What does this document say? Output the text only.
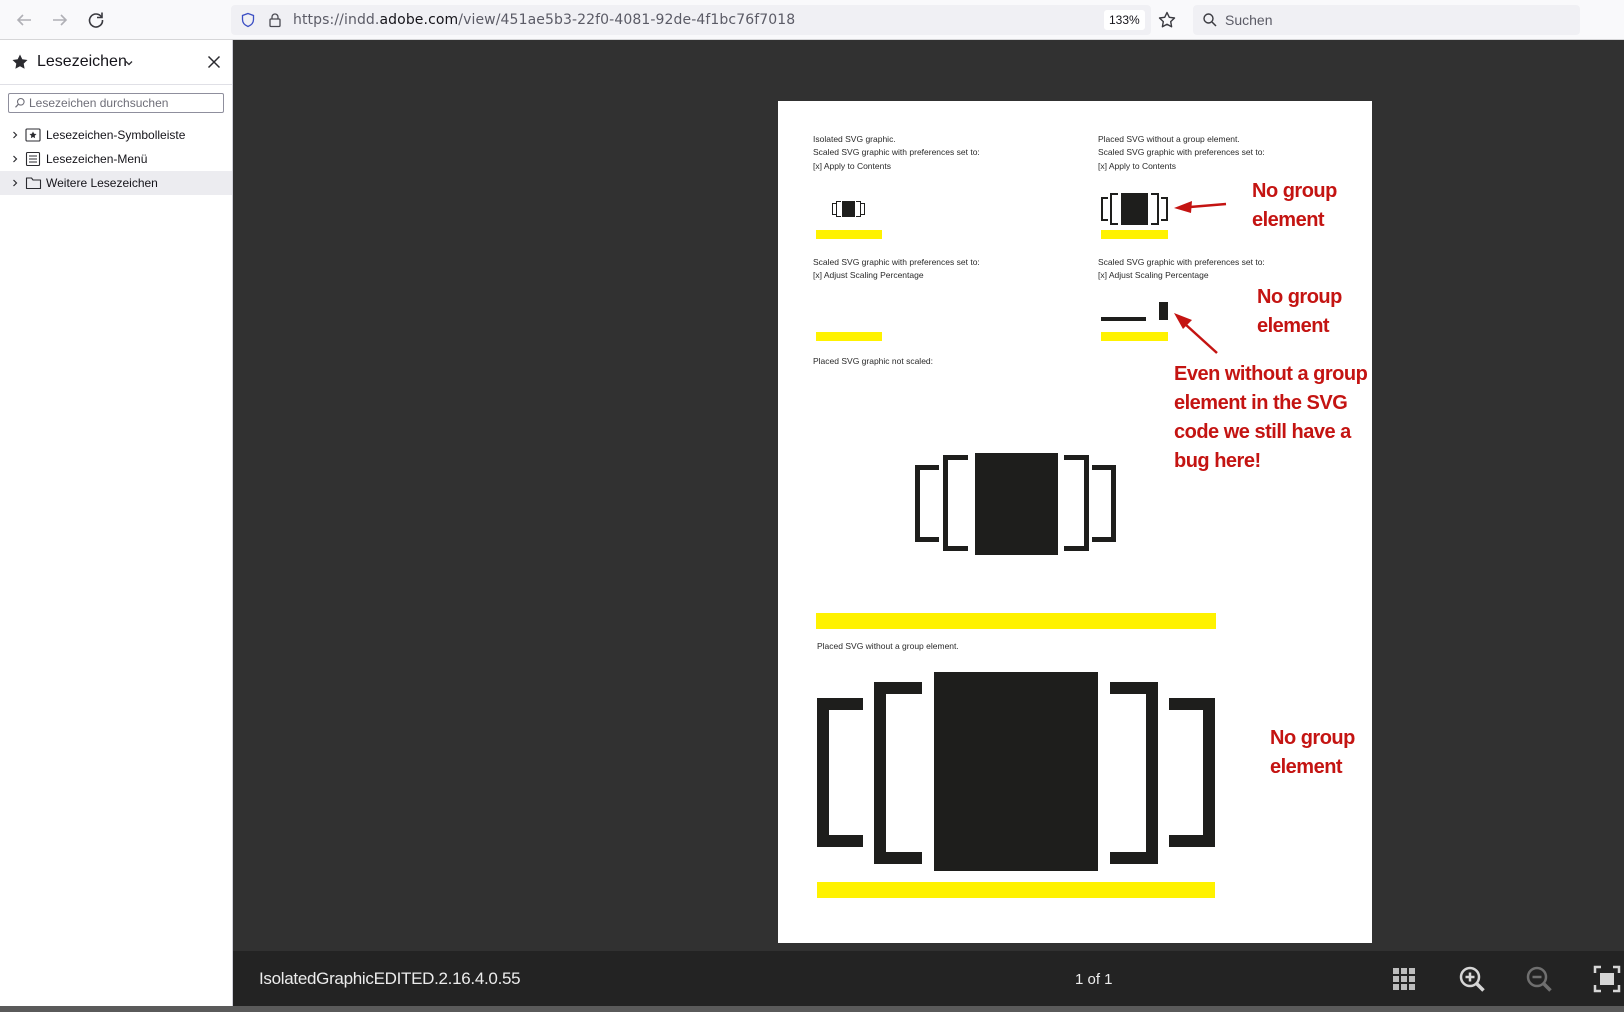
https://indd.adobe.com/view/451ae5b3-22f0-4081-92de-4f1bc76f7018	133%	Suchen
Lesezeichen
Lesezeichen durchsuchen
Lesezeichen-Symbolleiste
Lesezeichen-Menü
Weitere Lesezeichen
Isolated SVG graphic.
Scaled SVG graphic with preferences set to:
[x] Apply to Contents
Placed SVG without a group element.
Scaled SVG graphic with preferences set to:
[x] Apply to Contents
Scaled SVG graphic with preferences set to:
[x] Adjust Scaling Percentage
Scaled SVG graphic with preferences set to:
[x] Adjust Scaling Percentage
Placed SVG graphic not scaled:
Placed SVG without a group element.
No group
element
No group
element
Even without a group
element in the SVG
code we still have a
bug here!
No group
element
IsolatedGraphicEDITED.2.16.4.0.55	1 of 1
